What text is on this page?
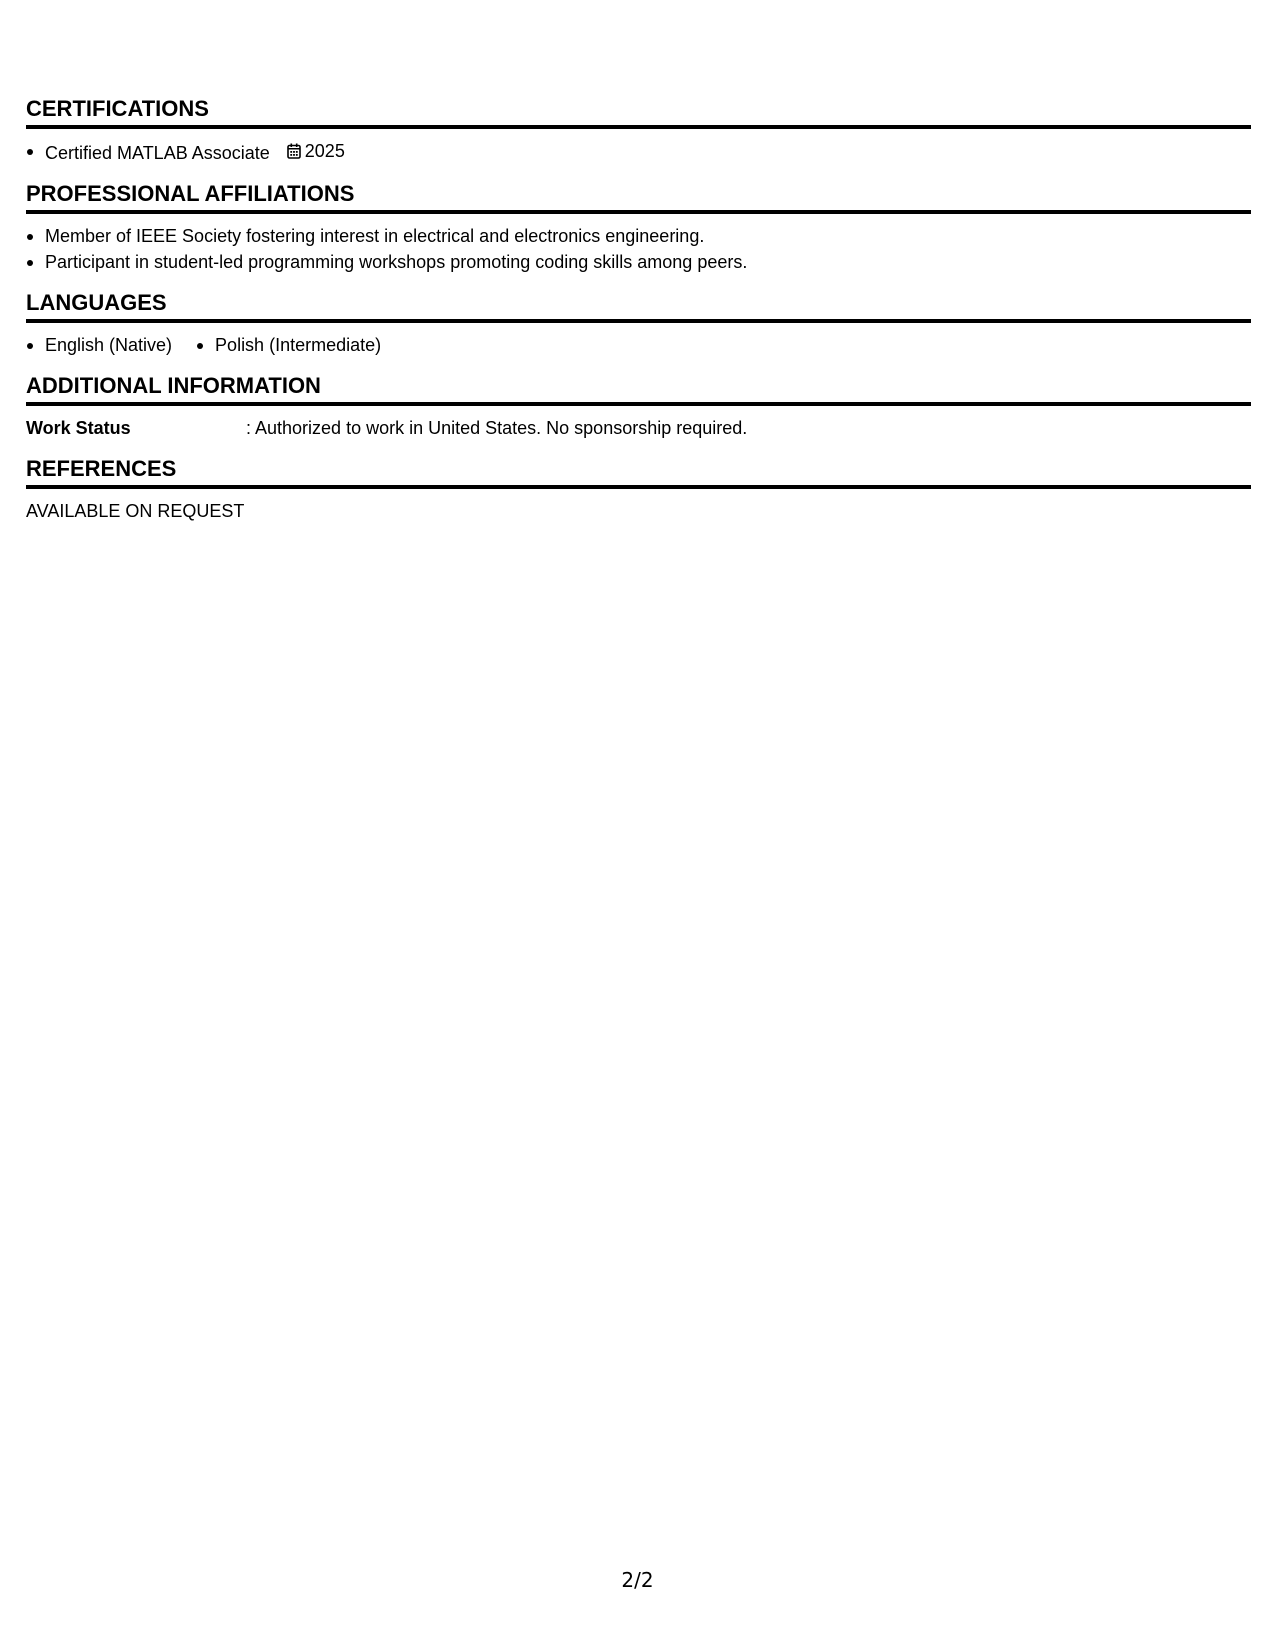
CERTIFICATIONS
Certified MATLAB Associate 2025
PROFESSIONAL AFFILIATIONS
Member of IEEE Society fostering interest in electrical and electronics engineering.
Participant in student-led programming workshops promoting coding skills among peers.
LANGUAGES
English (Native)	Polish (Intermediate)
ADDITIONAL INFORMATION
Work Status	: Authorized to work in United States. No sponsorship required.
REFERENCES
AVAILABLE ON REQUEST
2/2
